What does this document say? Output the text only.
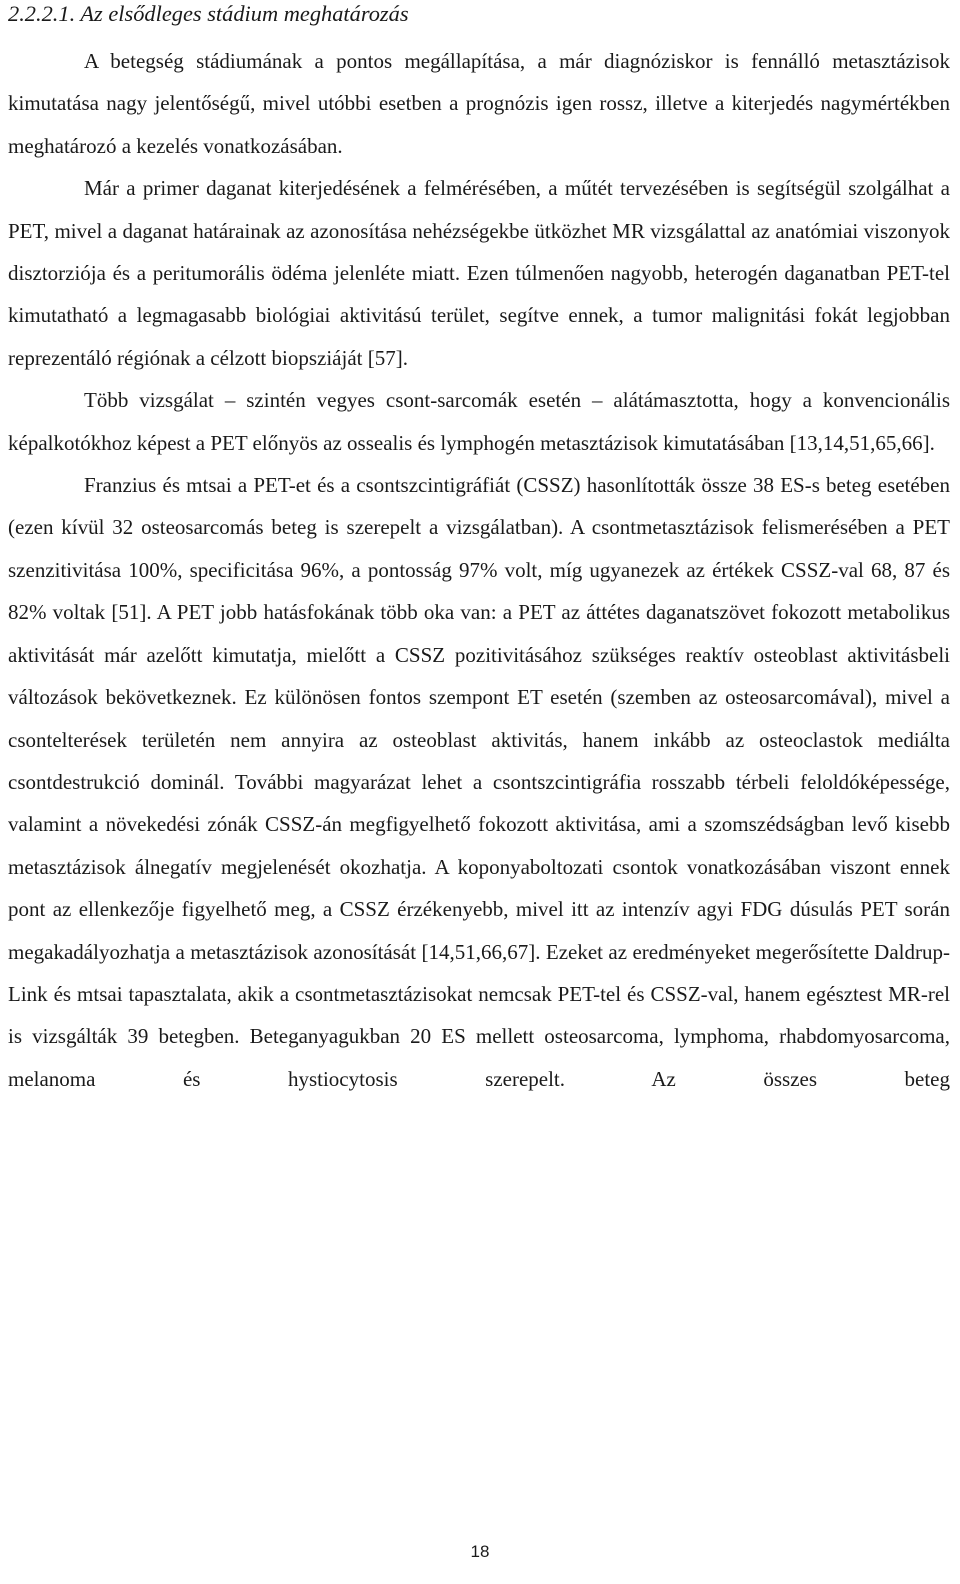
2.2.2.1. Az elsődleges stádium meghatározás

A betegség stádiumának a pontos megállapítása, a már diagnóziskor is fennálló metasztázisok kimutatása nagy jelentőségű, mivel utóbbi esetben a prognózis igen rossz, illetve a kiterjedés nagymértékben meghatározó a kezelés vonatkozásában.

Már a primer daganat kiterjedésének a felmérésében, a műtét tervezésében is segítségül szolgálhat a PET, mivel a daganat határainak az azonosítása nehézségekbe ütközhet MR vizsgálattal az anatómiai viszonyok disztorziója és a peritumorális ödéma jelenléte miatt. Ezen túlmenően nagyobb, heterogén daganatban PET-tel kimutatható a legmagasabb biológiai aktivitású terület, segítve ennek, a tumor malignitási fokát legjobban reprezentáló régiónak a célzott biopsziáját [57].

Több vizsgálat – szintén vegyes csont-sarcomák esetén – alátámasztotta, hogy a konvencionális képalkotókhoz képest a PET előnyös az ossealis és lymphogén metasztázisok kimutatásában [13,14,51,65,66].

Franzius és mtsai a PET-et és a csontszcintigráfiát (CSSZ) hasonlították össze 38 ES-s beteg esetében (ezen kívül 32 osteosarcomás beteg is szerepelt a vizsgálatban). A csontmetasztázisok felismerésében a PET szenzitivitása 100%, specificitása 96%, a pontosság 97% volt, míg ugyanezek az értékek CSSZ-val 68, 87 és 82% voltak [51]. A PET jobb hatásfokának több oka van: a PET az áttétes daganatszövet fokozott metabolikus aktivitását már azelőtt kimutatja, mielőtt a CSSZ pozitivitásához szükséges reaktív osteoblast aktivitásbeli változások bekövetkeznek. Ez különösen fontos szempont ET esetén (szemben az osteosarcomával), mivel a csontelterések területén nem annyira az osteoblast aktivitás, hanem inkább az osteoclastok mediálta csontdestrukció dominál. További magyarázat lehet a csontszcintigráfia rosszabb térbeli feloldóképessége, valamint a növekedési zónák CSSZ-án megfigyelhető fokozott aktivitása, ami a szomszédságban levő kisebb metasztázisok álnegatív megjelenését okozhatja. A koponyaboltozati csontok vonatkozásában viszont ennek pont az ellenkezője figyelhető meg, a CSSZ érzékenyebb, mivel itt az intenzív agyi FDG dúsulás PET során megakadályozhatja a metasztázisok azonosítását [14,51,66,67]. Ezeket az eredményeket megerősítette Daldrup-Link és mtsai tapasztalata, akik a csontmetasztázisokat nemcsak PET-tel és CSSZ-val, hanem egésztest MR-rel is vizsgálták 39 betegben. Beteganyagukban 20 ES mellett osteosarcoma, lymphoma, rhabdomyosarcoma, melanoma és hystiocytosis szerepelt. Az összes beteg

18
